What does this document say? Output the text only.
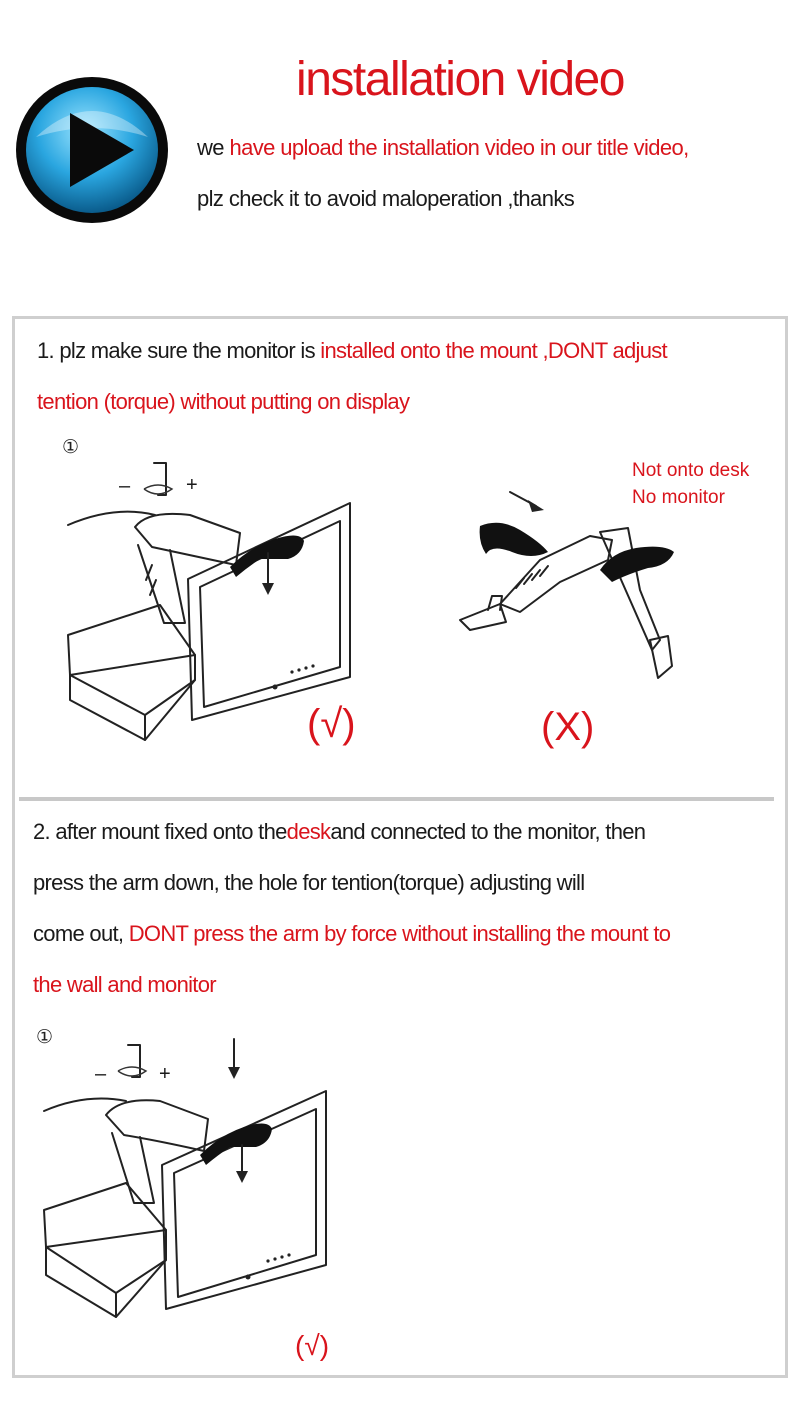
installation video
we have upload the installation video in our title video,
plz check it to avoid maloperation ,thanks
1. plz make sure the monitor is installed onto the mount ,DONT adjust
tention (torque) without putting on display
①
–	+
(√)
Not onto desk
No monitor
(X)
2. after mount fixed onto thedeskand connected to the monitor, then
press the arm down, the hole for tention(torque) adjusting will
come out, DONT press the arm by force without installing the mount to
the wall and monitor
①
–	+
(√)
